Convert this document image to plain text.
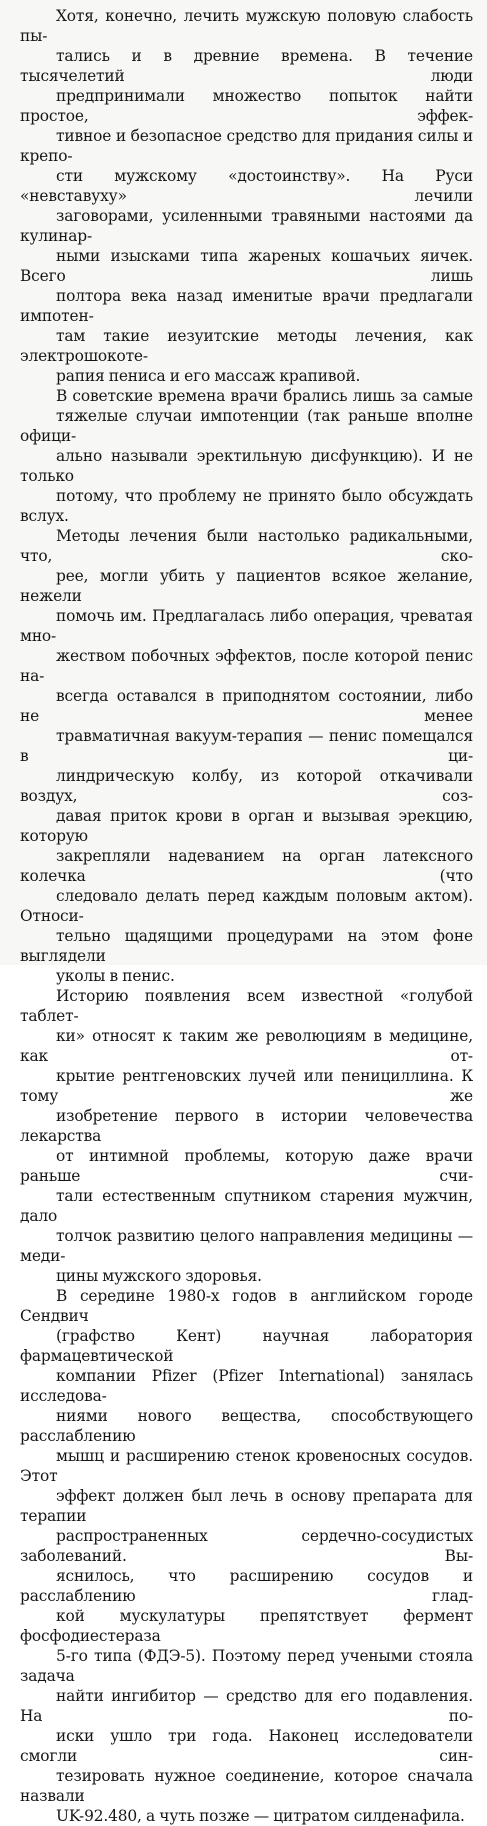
Хотя, конечно, лечить мужскую половую слабость пы-
тались и в древние времена. В течение тысячелетий люди
предпринимали множество попыток найти простое, эффек-
тивное и безопасное средство для придания силы и крепо-
сти мужскому «достоинству». На Руси «невставуху» лечили
заговорами, усиленными травяными настоями да кулинар-
ными изысками типа жареных кошачьих яичек. Всего лишь
полтора века назад именитые врачи предлагали импотен-
там такие иезуитские методы лечения, как электрошокоте-
рапия пениса и его массаж крапивой.
В советские времена врачи брались лишь за самые
тяжелые случаи импотенции (так раньше вполне офици-
ально называли эректильную дисфункцию). И не только
потому, что проблему не принято было обсуждать вслух.
Методы лечения были настолько радикальными, что, ско-
рее, могли убить у пациентов всякое желание, нежели
помочь им. Предлагалась либо операция, чреватая мно-
жеством побочных эффектов, после которой пенис на-
всегда оставался в приподнятом состоянии, либо не менее
травматичная вакуум-терапия — пенис помещался в ци-
линдрическую колбу, из которой откачивали воздух, соз-
давая приток крови в орган и вызывая эрекцию, которую
закрепляли надеванием на орган латексного колечка (что
следовало делать перед каждым половым актом). Относи-
тельно щадящими процедурами на этом фоне выглядели
уколы в пенис.
Историю появления всем известной «голубой таблет-
ки» относят к таким же революциям в медицине, как от-
крытие рентгеновских лучей или пенициллина. К тому же
изобретение первого в истории человечества лекарства
от интимной проблемы, которую даже врачи раньше счи-
тали естественным спутником старения мужчин, дало
толчок развитию целого направления медицины — меди-
цины мужского здоровья.
В середине 1980-х годов в английском городе Сендвич
(графство Кент) научная лаборатория фармацевтической
компании Pfizer (Pfizer International) занялась исследова-
ниями нового вещества, способствующего расслаблению
мышц и расширению стенок кровеносных сосудов. Этот
эффект должен был лечь в основу препарата для терапии
распространенных сердечно-сосудистых заболеваний. Вы-
яснилось, что расширению сосудов и расслаблению глад-
кой мускулатуры препятствует фермент фосфодиестераза
5-го типа (ФДЭ-5). Поэтому перед учеными стояла задача
найти ингибитор — средство для его подавления. На по-
иски ушло три года. Наконец исследователи смогли син-
тезировать нужное соединение, которое сначала назвали
UK-92.480, а чуть позже — цитратом силденафила.
